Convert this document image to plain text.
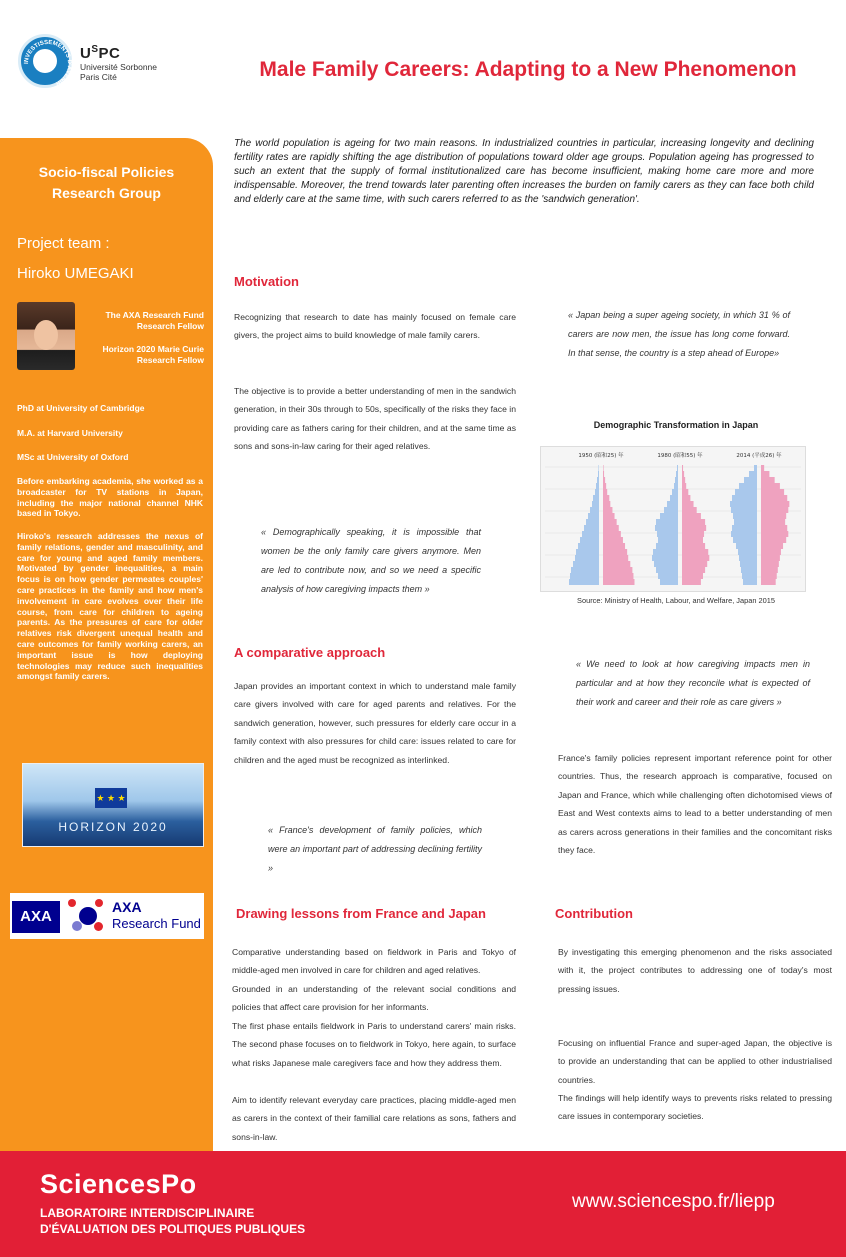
INVESTISSEMENTS D'AVENIR
$U^SPC$
Université Sorbonne
Paris Cité	Male Family Careers: Adapting to a New Phenomenon
Socio-fiscal Policies
Research Group
Project team :
Hiroko UMEGAKI
The AXA Research Fund Research Fellow
Horizon 2020 Marie Curie Research Fellow
PhD at University of Cambridge
M.A. at Harvard University
MSc at University of Oxford
Before embarking academia, she worked as a broadcaster for TV stations in Japan, including the major national channel NHK based in Tokyo.
Hiroko's research addresses the nexus of family relations, gender and masculinity, and care for young and aged family members. Motivated by gender inequalities, a main focus is on how gender permeates couples' care practices in the family and how men's involvement in care evolves over their life course, from care for children to ageing parents. As the pressures of care for older relatives risk divergent unequal health and care outcomes for family working carers, an important issue is how deploying technologies may reduce such inequalities amongst family carers.
★ ★ ★
HORIZON 2020
AXA
AXA
Research Fund
The world population is ageing for two main reasons. In industrialized countries in particular, increasing longevity and declining fertility rates are rapidly shifting the age distribution of populations toward older age groups. Population ageing has progressed to such an extent that the supply of formal institutionalized care has become insufficient, making home care more and more indispensable. Moreover, the trend towards later parenting often increases the burden on family carers as they can face both child and elderly care at the same time, with such carers referred to as the 'sandwich generation'.
Motivation
Recognizing that research to date has mainly focused on female care givers, the project aims to build knowledge of male family carers.
The objective is to provide a better understanding of men in the sandwich generation, in their 30s through to 50s, specifically of the risks they face in providing care as fathers caring for their children, and at the same time as sons and sons-in-law caring for their aged relatives.
« Demographically speaking, it is impossible that women be the only family care givers anymore. Men are led to contribute now, and so we need a specific analysis of how caregiving impacts them »
« Japan being a super ageing society, in which 31 % of carers are now men, the issue has long come forward. In that sense, the country is a step ahead of Europe»
Demographic Transformation in Japan
1950 (昭和25) 年	1980 (昭和55) 年	2014 (平成26) 年
Source: Ministry of Health, Labour, and Welfare, Japan 2015
A comparative approach
Japan provides an important context in which to understand male family care givers involved with care for aged parents and relatives. For the sandwich generation, however, such pressures for elderly care occur in a family context with also pressures for child care: issues related to care for children and the aged must be recognized as interlinked.
« France's development of family policies, which were an important part of addressing declining fertility »
« We need to look at how caregiving impacts men in particular and at how they reconcile what is expected of their work and career and their role as care givers »
France's family policies represent important reference point for other countries. Thus, the research approach is comparative, focused on Japan and France, which while challenging often dichotomised views of East and West contexts aims to lead to a better understanding of men as carers across generations in their families and the concomitant risks they face.
Drawing lessons from France and Japan
Comparative understanding based on fieldwork in Paris and Tokyo of middle-aged men involved in care for children and aged relatives.
Grounded in an understanding of the relevant social conditions and policies that affect care provision for her informants.
The first phase entails fieldwork in Paris to understand carers' main risks. The second phase focuses on to fieldwork in Tokyo, here again, to surface what risks Japanese male caregivers face and how they address them.
Aim to identify relevant everyday care practices, placing middle-aged men as carers in the context of their familial care relations as sons, fathers and sons-in-law.
Contribution
By investigating this emerging phenomenon and the risks associated with it, the project contributes to addressing one of today's most pressing issues.
Focusing on influential France and super-aged Japan, the objective is to provide an understanding that can be applied to other industrialised countries.
The findings will help identify ways to prevents risks related to pressing care issues in contemporary societies.
SciencesPo
LABORATOIRE INTERDISCIPLINAIRE
D'ÉVALUATION DES POLITIQUES PUBLIQUES
www.sciencespo.fr/liepp
